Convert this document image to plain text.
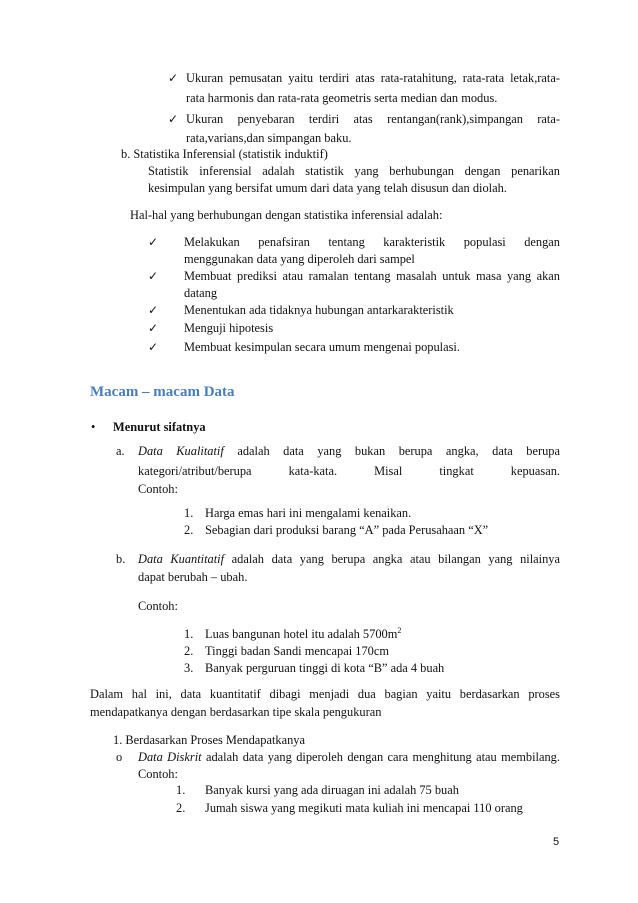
✓ Ukuran pemusatan yaitu terdiri atas rata-ratahitung, rata-rata letak,rata-
rata harmonis dan rata-rata geometris serta median dan modus.
✓ Ukuran penyebaran terdiri atas rentangan(rank),simpangan rata-
rata,varians,dan simpangan baku.
b. Statistika Inferensial (statistik induktif)
Statistik inferensial adalah statistik yang berhubungan dengan penarikan
kesimpulan yang bersifat umum dari data yang telah disusun dan diolah.
Hal-hal yang berhubungan dengan statistika inferensial adalah:
✓ Melakukan penafsiran tentang karakteristik populasi dengan
menggunakan data yang diperoleh dari sampel
✓ Membuat prediksi atau ramalan tentang masalah untuk masa yang akan
datang
✓ Menentukan ada tidaknya hubungan antarkarakteristik
✓ Menguji hipotesis
✓ Membuat kesimpulan secara umum mengenai populasi.
Macam – macam Data
• Menurut sifatnya
a. Data Kualitatif adalah data yang bukan berupa angka, data berupa
kategori/atribut/berupa kata-kata. Misal tingkat kepuasan.
Contoh:
1. Harga emas hari ini mengalami kenaikan.
2. Sebagian dari produksi barang “A” pada Perusahaan “X”
b. Data Kuantitatif adalah data yang berupa angka atau bilangan yang nilainya
dapat berubah – ubah.
Contoh:
1. Luas bangunan hotel itu adalah $5700m^2$
2. Tinggi badan Sandi mencapai 170cm
3. Banyak perguruan tinggi di kota “B” ada 4 buah
Dalam hal ini, data kuantitatif dibagi menjadi dua bagian yaitu berdasarkan proses
mendapatkanya dengan berdasarkan tipe skala pengukuran
1. Berdasarkan Proses Mendapatkanya
o Data Diskrit adalah data yang diperoleh dengan cara menghitung atau membilang.
Contoh:
1. Banyak kursi yang ada diruagan ini adalah 75 buah
2. Jumah siswa yang megikuti mata kuliah ini mencapai 110 orang
5
